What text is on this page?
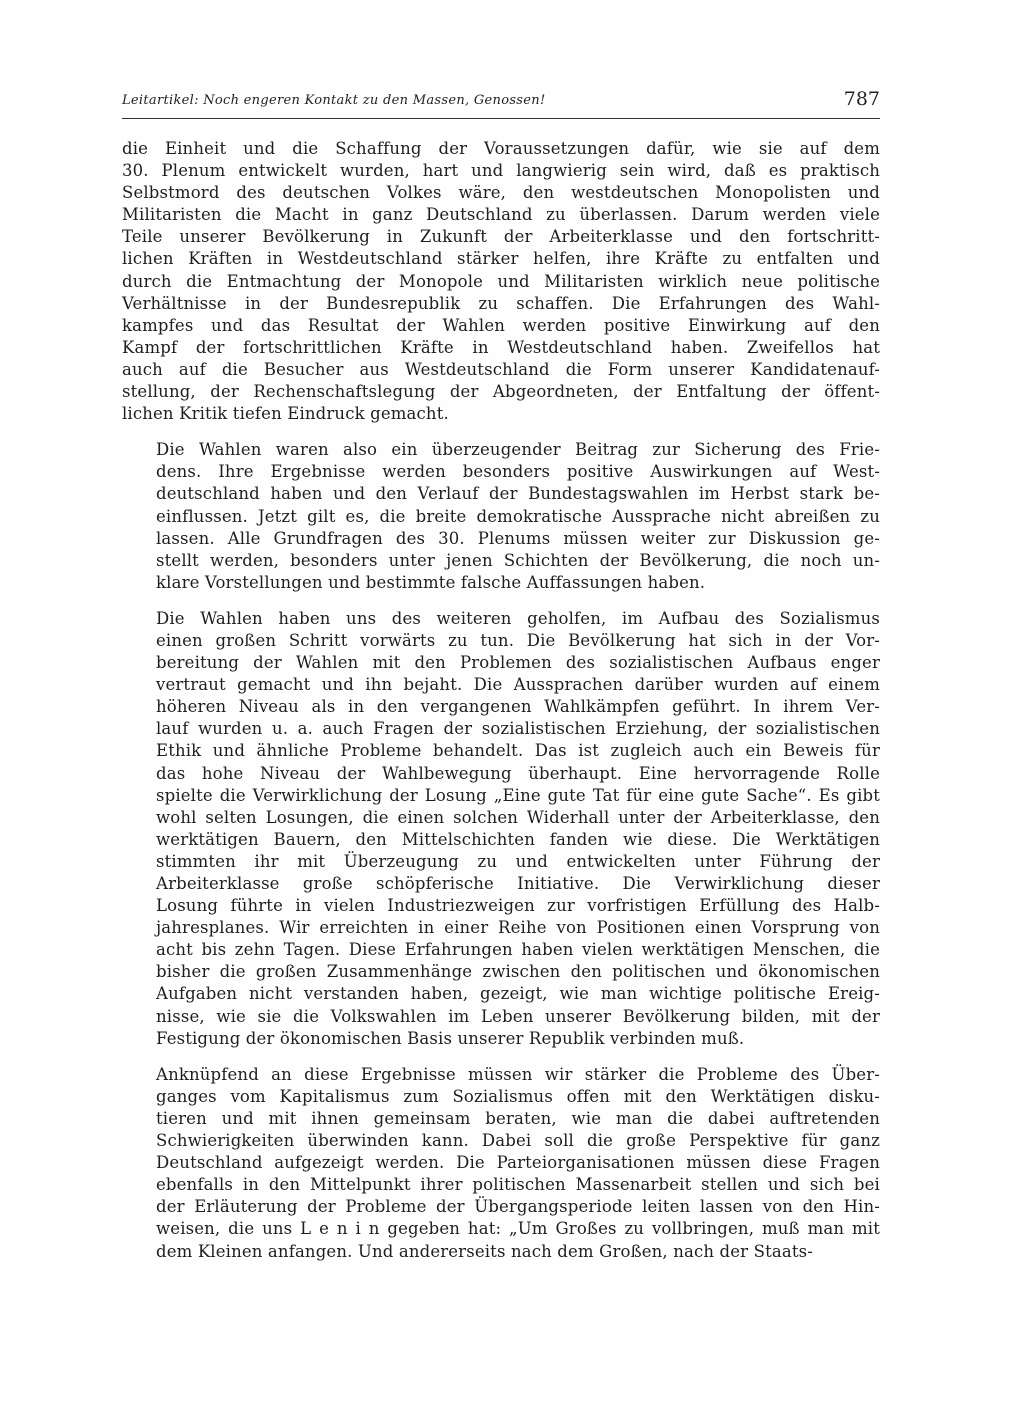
Leitartikel: Noch engeren Kontakt zu den Massen, Genossen!	787

die Einheit und die Schaffung der Voraussetzungen dafür, wie sie auf dem
30. Plenum entwickelt wurden, hart und langwierig sein wird, daß es praktisch
Selbstmord des deutschen Volkes wäre, den westdeutschen Monopolisten und
Militaristen die Macht in ganz Deutschland zu überlassen. Darum werden viele
Teile unserer Bevölkerung in Zukunft der Arbeiterklasse und den fortschritt-
lichen Kräften in Westdeutschland stärker helfen, ihre Kräfte zu entfalten und
durch die Entmachtung der Monopole und Militaristen wirklich neue politische
Verhältnisse in der Bundesrepublik zu schaffen. Die Erfahrungen des Wahl-
kampfes und das Resultat der Wahlen werden positive Einwirkung auf den
Kampf der fortschrittlichen Kräfte in Westdeutschland haben. Zweifellos hat
auch auf die Besucher aus Westdeutschland die Form unserer Kandidatenauf-
stellung, der Rechenschaftslegung der Abgeordneten, der Entfaltung der öffent-
lichen Kritik tiefen Eindruck gemacht.

Die Wahlen waren also ein überzeugender Beitrag zur Sicherung des Frie-
dens. Ihre Ergebnisse werden besonders positive Auswirkungen auf West-
deutschland haben und den Verlauf der Bundestagswahlen im Herbst stark be-
einflussen. Jetzt gilt es, die breite demokratische Aussprache nicht abreißen zu
lassen. Alle Grundfragen des 30. Plenums müssen weiter zur Diskussion ge-
stellt werden, besonders unter jenen Schichten der Bevölkerung, die noch un-
klare Vorstellungen und bestimmte falsche Auffassungen haben.

Die Wahlen haben uns des weiteren geholfen, im Aufbau des Sozialismus
einen großen Schritt vorwärts zu tun. Die Bevölkerung hat sich in der Vor-
bereitung der Wahlen mit den Problemen des sozialistischen Aufbaus enger
vertraut gemacht und ihn bejaht. Die Aussprachen darüber wurden auf einem
höheren Niveau als in den vergangenen Wahlkämpfen geführt. In ihrem Ver-
lauf wurden u. a. auch Fragen der sozialistischen Erziehung, der sozialistischen
Ethik und ähnliche Probleme behandelt. Das ist zugleich auch ein Beweis für
das hohe Niveau der Wahlbewegung überhaupt. Eine hervorragende Rolle
spielte die Verwirklichung der Losung „Eine gute Tat für eine gute Sache“. Es gibt
wohl selten Losungen, die einen solchen Widerhall unter der Arbeiterklasse, den
werktätigen Bauern, den Mittelschichten fanden wie diese. Die Werktätigen
stimmten ihr mit Überzeugung zu und entwickelten unter Führung der
Arbeiterklasse große schöpferische Initiative. Die Verwirklichung dieser
Losung führte in vielen Industriezweigen zur vorfristigen Erfüllung des Halb-
jahresplanes. Wir erreichten in einer Reihe von Positionen einen Vorsprung von
acht bis zehn Tagen. Diese Erfahrungen haben vielen werktätigen Menschen, die
bisher die großen Zusammenhänge zwischen den politischen und ökonomischen
Aufgaben nicht verstanden haben, gezeigt, wie man wichtige politische Ereig-
nisse, wie sie die Volkswahlen im Leben unserer Bevölkerung bilden, mit der
Festigung der ökonomischen Basis unserer Republik verbinden muß.

Anknüpfend an diese Ergebnisse müssen wir stärker die Probleme des Über-
ganges vom Kapitalismus zum Sozialismus offen mit den Werktätigen disku-
tieren und mit ihnen gemeinsam beraten, wie man die dabei auftretenden
Schwierigkeiten überwinden kann. Dabei soll die große Perspektive für ganz
Deutschland aufgezeigt werden. Die Parteiorganisationen müssen diese Fragen
ebenfalls in den Mittelpunkt ihrer politischen Massenarbeit stellen und sich bei
der Erläuterung der Probleme der Übergangsperiode leiten lassen von den Hin-
weisen, die uns L e n i n gegeben hat: „Um Großes zu vollbringen, muß man mit
dem Kleinen anfangen. Und andererseits nach dem Großen, nach der Staats-
